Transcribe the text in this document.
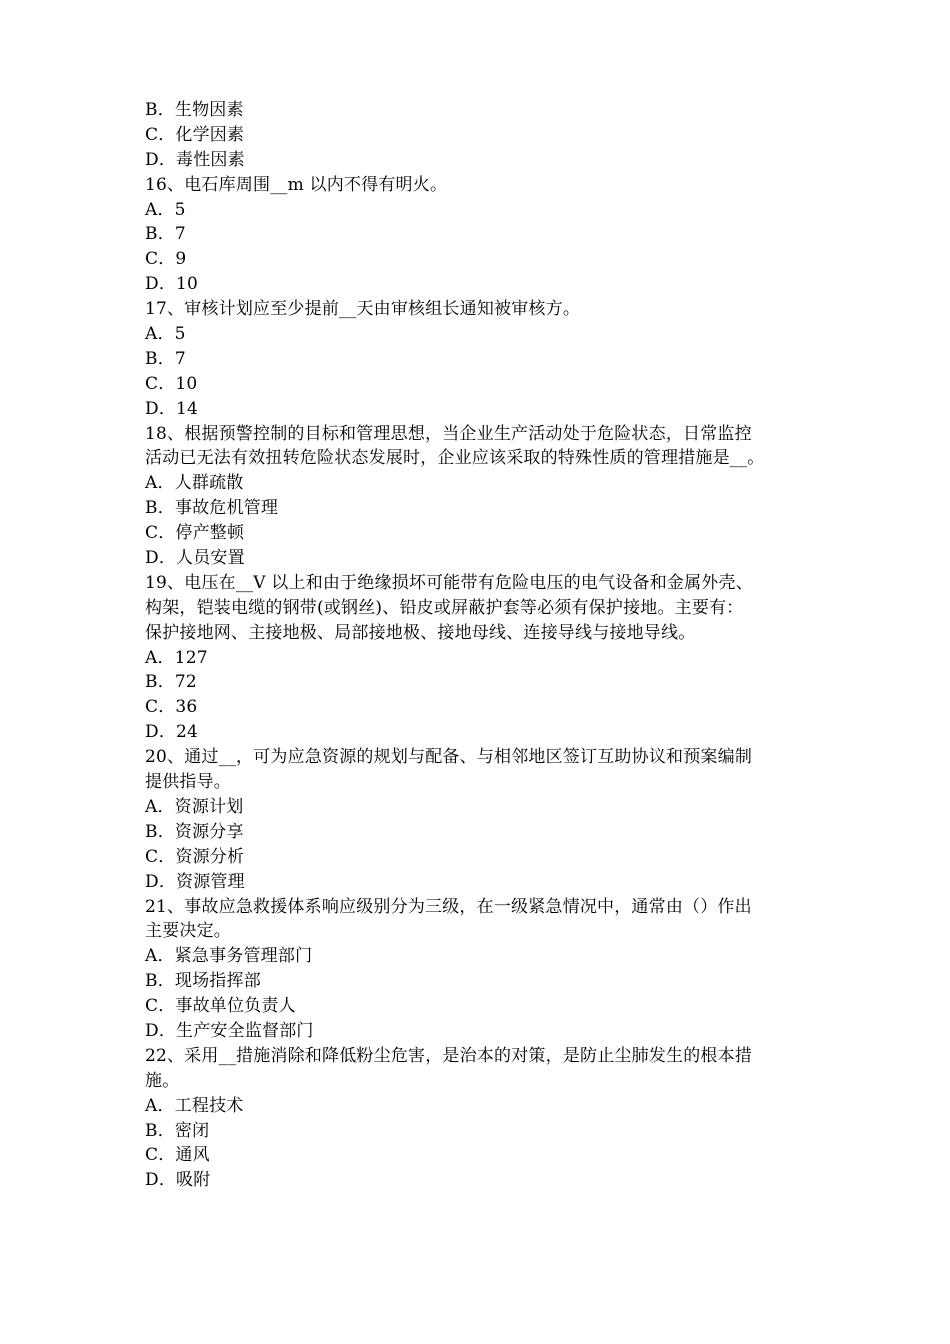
B．生物因素
C．化学因素
D．毒性因素
16、电石库周围__m 以内不得有明火。
A．5
B．7
C．9
D．10
17、审核计划应至少提前__天由审核组长通知被审核方。
A．5
B．7
C．10
D．14
18、根据预警控制的目标和管理思想，当企业生产活动处于危险状态，日常监控
活动已无法有效扭转危险状态发展时，企业应该采取的特殊性质的管理措施是__。
A．人群疏散
B．事故危机管理
C．停产整顿
D．人员安置
19、电压在__V 以上和由于绝缘损坏可能带有危险电压的电气设备和金属外壳、
构架，铠装电缆的钢带(或钢丝)、铅皮或屏蔽护套等必须有保护接地。主要有：
保护接地网、主接地极、局部接地极、接地母线、连接导线与接地导线。
A．127
B．72
C．36
D．24
20、通过__，可为应急资源的规划与配备、与相邻地区签订互助协议和预案编制
提供指导。
A．资源计划
B．资源分享
C．资源分析
D．资源管理
21、事故应急救援体系响应级别分为三级，在一级紧急情况中，通常由（）作出
主要决定。
A．紧急事务管理部门
B．现场指挥部
C．事故单位负责人
D．生产安全监督部门
22、采用__措施消除和降低粉尘危害，是治本的对策，是防止尘肺发生的根本措
施。
A．工程技术
B．密闭
C．通风
D．吸附
